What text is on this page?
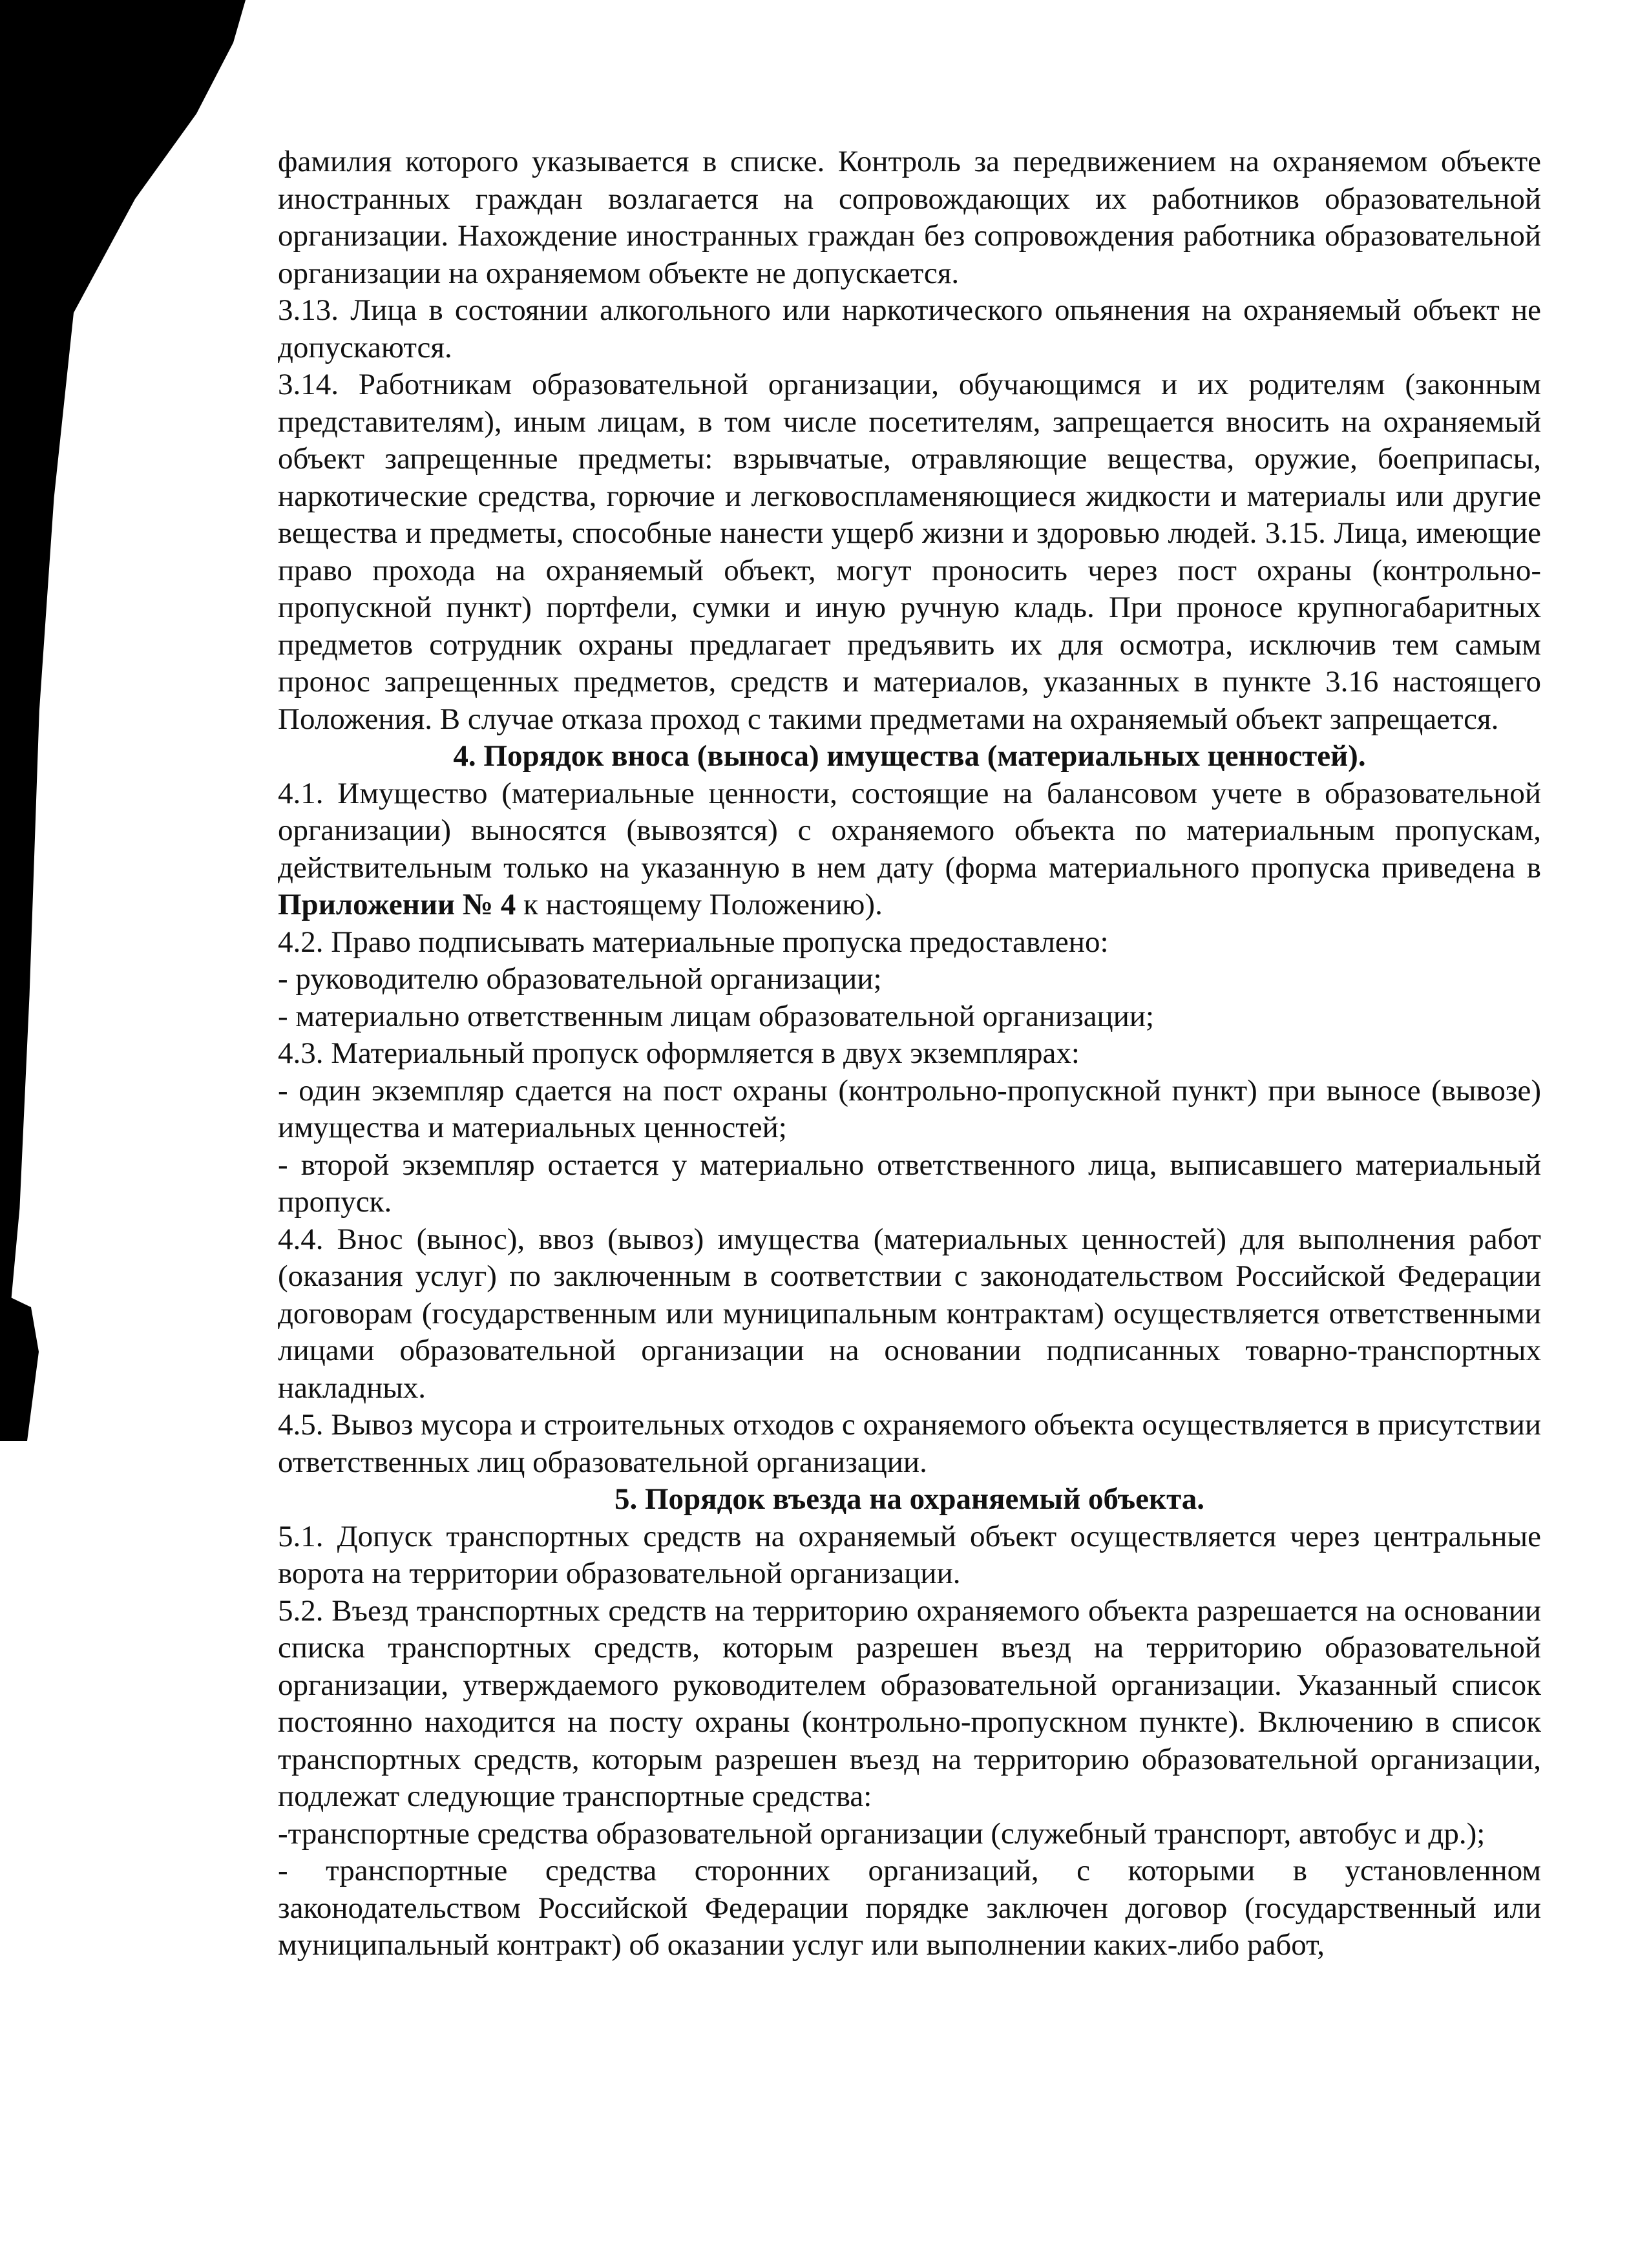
фамилия которого указывается в списке. Контроль за передвижением на охраняемом объекте иностранных граждан возлагается на сопровождающих их работников образовательной организации. Нахождение иностранных граждан без сопровождения работника образовательной организации на охраняемом объекте не допускается.

3.13. Лица в состоянии алкогольного или наркотического опьянения на охраняемый объект не допускаются.

3.14. Работникам образовательной организации, обучающимся и их родителям (законным представителям), иным лицам, в том числе посетителям, запрещается вносить на охраняемый объект запрещенные предметы: взрывчатые, отравляющие вещества, оружие, боеприпасы, наркотические средства, горючие и легковоспламеняющиеся жидкости и материалы или другие вещества и предметы, способные нанести ущерб жизни и здоровью людей. 3.15. Лица, имеющие право прохода на охраняемый объект, могут проносить через пост охраны (контрольно-пропускной пункт) портфели, сумки и иную ручную кладь. При проносе крупногабаритных предметов сотрудник охраны предлагает предъявить их для осмотра, исключив тем самым пронос запрещенных предметов, средств и материалов, указанных в пункте 3.16 настоящего Положения. В случае отказа проход с такими предметами на охраняемый объект запрещается.

4. Порядок вноса (выноса) имущества (материальных ценностей).

4.1. Имущество (материальные ценности, состоящие на балансовом учете в образовательной организации) выносятся (вывозятся) с охраняемого объекта по материальным пропускам, действительным только на указанную в нем дату (форма материального пропуска приведена в Приложении № 4 к настоящему Положению).

4.2. Право подписывать материальные пропуска предоставлено:

- руководителю образовательной организации;

- материально ответственным лицам образовательной организации;

4.3. Материальный пропуск оформляется в двух экземплярах:

- один экземпляр сдается на пост охраны (контрольно-пропускной пункт) при выносе (вывозе) имущества и материальных ценностей;

- второй экземпляр остается у материально ответственного лица, выписавшего материальный пропуск.

4.4. Внос (вынос), ввоз (вывоз) имущества (материальных ценностей) для выполнения работ (оказания услуг) по заключенным в соответствии с законодательством Российской Федерации договорам (государственным или муниципальным контрактам) осуществляется ответственными лицами образовательной организации на основании подписанных товарно-транспортных накладных.

4.5. Вывоз мусора и строительных отходов с охраняемого объекта осуществляется в присутствии ответственных лиц образовательной организации.

5. Порядок въезда на охраняемый объекта.

5.1. Допуск транспортных средств на охраняемый объект осуществляется через центральные ворота на территории образовательной организации.

5.2. Въезд транспортных средств на территорию охраняемого объекта разрешается на основании списка транспортных средств, которым разрешен въезд на территорию образовательной организации, утверждаемого руководителем образовательной организации. Указанный список постоянно находится на посту охраны (контрольно-пропускном пункте). Включению в список транспортных средств, которым разрешен въезд на территорию образовательной организации, подлежат следующие транспортные средства:

-транспортные средства образовательной организации (служебный транспорт, автобус и др.);

- транспортные средства сторонних организаций, с которыми в установленном законодательством Российской Федерации порядке заключен договор (государственный или муниципальный контракт) об оказании услуг или выполнении каких-либо работ,
